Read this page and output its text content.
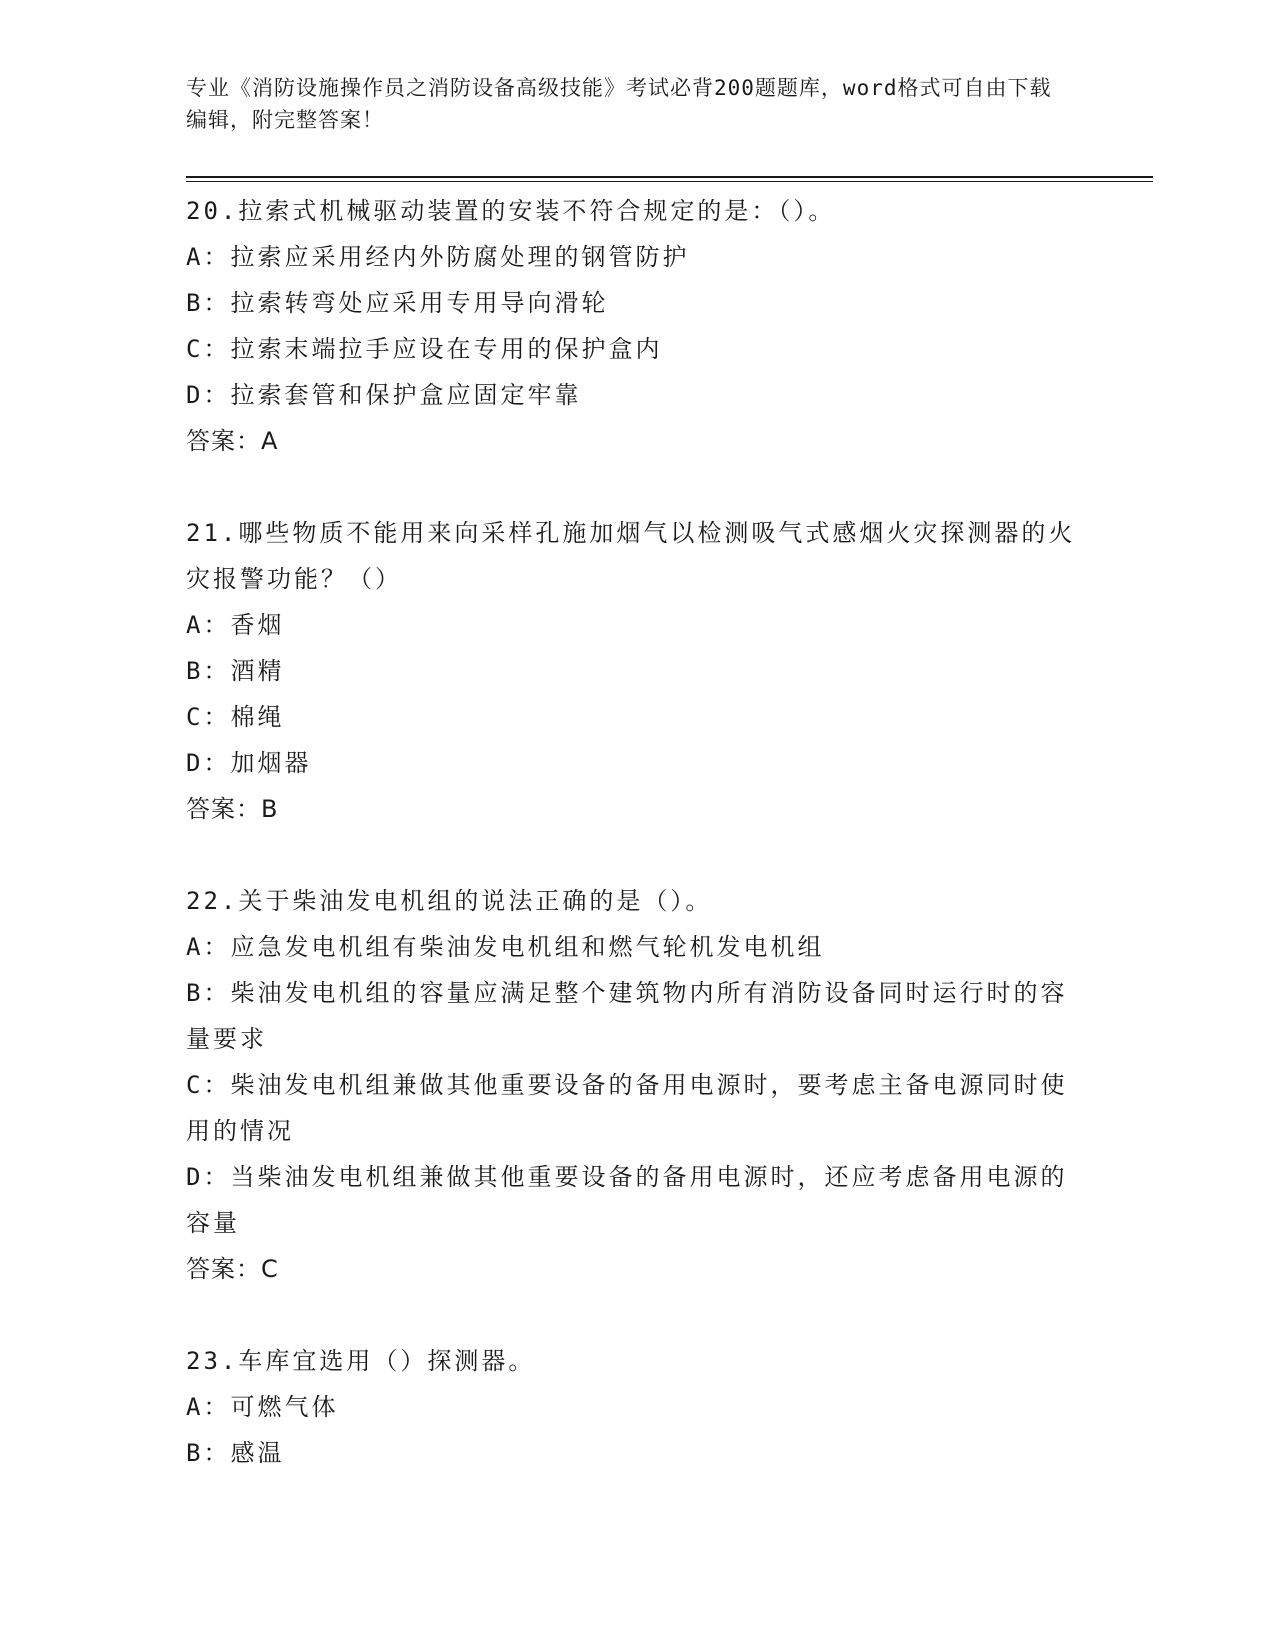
专业《消防设施操作员之消防设备高级技能》考试必背200题题库，word格式可自由下载编辑，附完整答案！
20.拉索式机械驱动装置的安装不符合规定的是：（）。
A：拉索应采用经内外防腐处理的钢管防护
B：拉索转弯处应采用专用导向滑轮
C：拉索末端拉手应设在专用的保护盒内
D：拉索套管和保护盒应固定牢靠
答案：A
21.哪些物质不能用来向采样孔施加烟气以检测吸气式感烟火灾探测器的火灾报警功能？（）
A：香烟
B：酒精
C：棉绳
D：加烟器
答案：B
22.关于柴油发电机组的说法正确的是（）。
A：应急发电机组有柴油发电机组和燃气轮机发电机组
B：柴油发电机组的容量应满足整个建筑物内所有消防设备同时运行时的容量要求
C：柴油发电机组兼做其他重要设备的备用电源时，要考虑主备电源同时使用的情况
D：当柴油发电机组兼做其他重要设备的备用电源时，还应考虑备用电源的容量
答案：C
23.车库宜选用（）探测器。
A：可燃气体
B：感温
